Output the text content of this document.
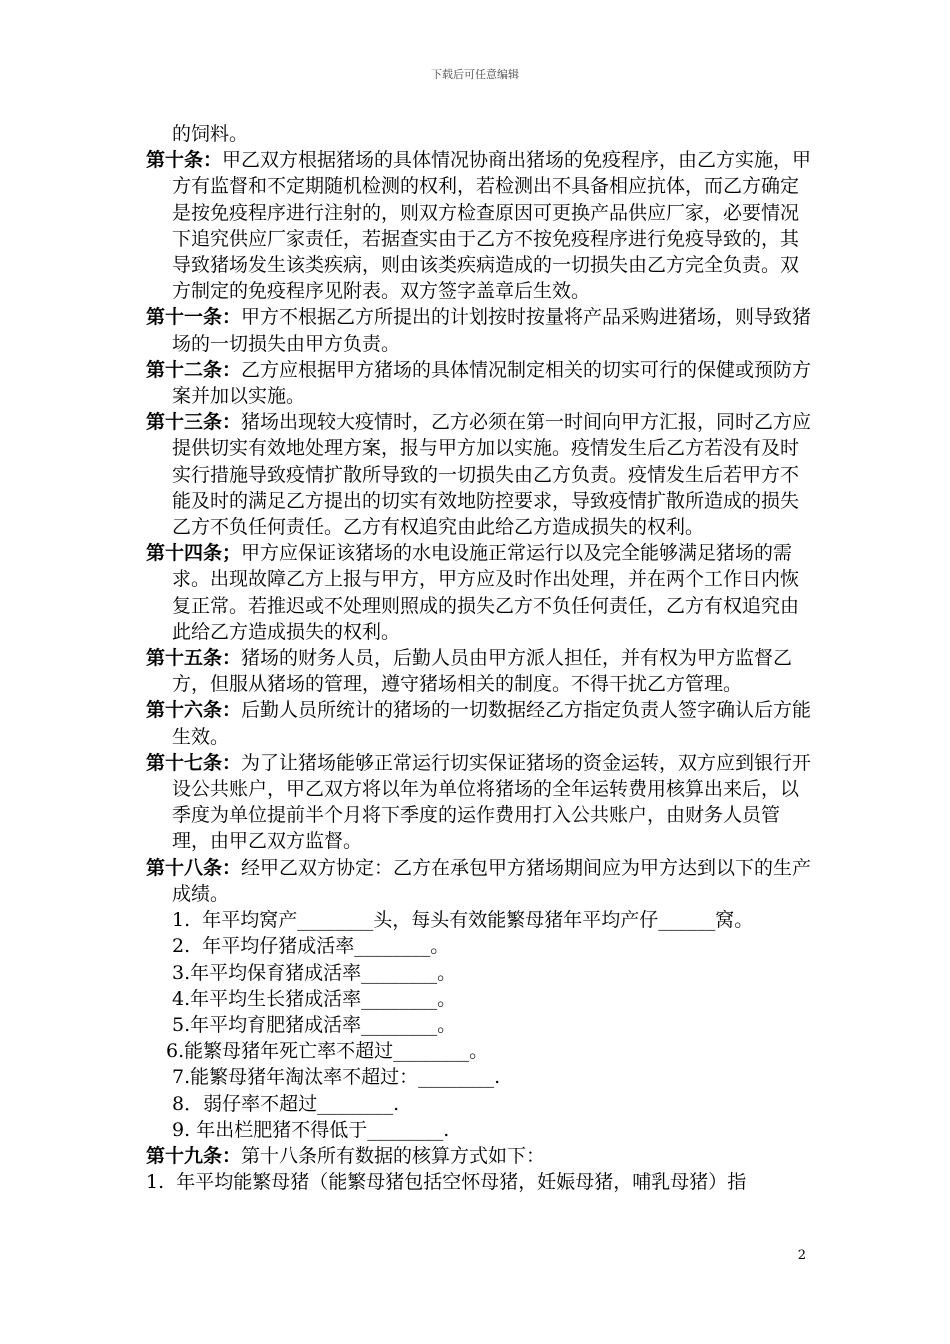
下载后可任意编辑

的饲料。

第十条：甲乙双方根据猪场的具体情况协商出猪场的免疫程序，由乙方实施，甲方有监督和不定期随机检测的权利，若检测出不具备相应抗体，而乙方确定是按免疫程序进行注射的，则双方检查原因可更换产品供应厂家，必要情况下追究供应厂家责任，若据查实由于乙方不按免疫程序进行免疫导致的，其导致猪场发生该类疾病，则由该类疾病造成的一切损失由乙方完全负责。双方制定的免疫程序见附表。双方签字盖章后生效。

第十一条：甲方不根据乙方所提出的计划按时按量将产品采购进猪场，则导致猪场的一切损失由甲方负责。

第十二条：乙方应根据甲方猪场的具体情况制定相关的切实可行的保健或预防方案并加以实施。

第十三条：猪场出现较大疫情时，乙方必须在第一时间向甲方汇报，同时乙方应提供切实有效地处理方案，报与甲方加以实施。疫情发生后乙方若没有及时实行措施导致疫情扩散所导致的一切损失由乙方负责。疫情发生后若甲方不能及时的满足乙方提出的切实有效地防控要求，导致疫情扩散所造成的损失乙方不负任何责任。乙方有权追究由此给乙方造成损失的权利。

第十四条；甲方应保证该猪场的水电设施正常运行以及完全能够满足猪场的需求。出现故障乙方上报与甲方，甲方应及时作出处理，并在两个工作日内恢复正常。若推迟或不处理则照成的损失乙方不负任何责任，乙方有权追究由此给乙方造成损失的权利。

第十五条：猪场的财务人员，后勤人员由甲方派人担任，并有权为甲方监督乙方，但服从猪场的管理，遵守猪场相关的制度。不得干扰乙方管理。

第十六条：后勤人员所统计的猪场的一切数据经乙方指定负责人签字确认后方能生效。

第十七条：为了让猪场能够正常运行切实保证猪场的资金运转，双方应到银行开设公共账户，甲乙双方将以年为单位将猪场的全年运转费用核算出来后，以季度为单位提前半个月将下季度的运作费用打入公共账户，由财务人员管理，由甲乙双方监督。

第十八条：经甲乙双方协定：乙方在承包甲方猪场期间应为甲方达到以下的生产成绩。

1.  年平均窝产________头，每头有效能繁母猪年平均产仔______窝。

2.  年平均仔猪成活率________。

3.年平均保育猪成活率________。

4.年平均生长猪成活率________。

5.年平均育肥猪成活率________。

6.能繁母猪年死亡率不超过________。

7.能繁母猪年淘汰率不超过：________.

8．弱仔率不超过________.

9. 年出栏肥猪不得低于________.

第十九条：第十八条所有数据的核算方式如下：

1.  年平均能繁母猪（能繁母猪包括空怀母猪，妊娠母猪，哺乳母猪）指

2
